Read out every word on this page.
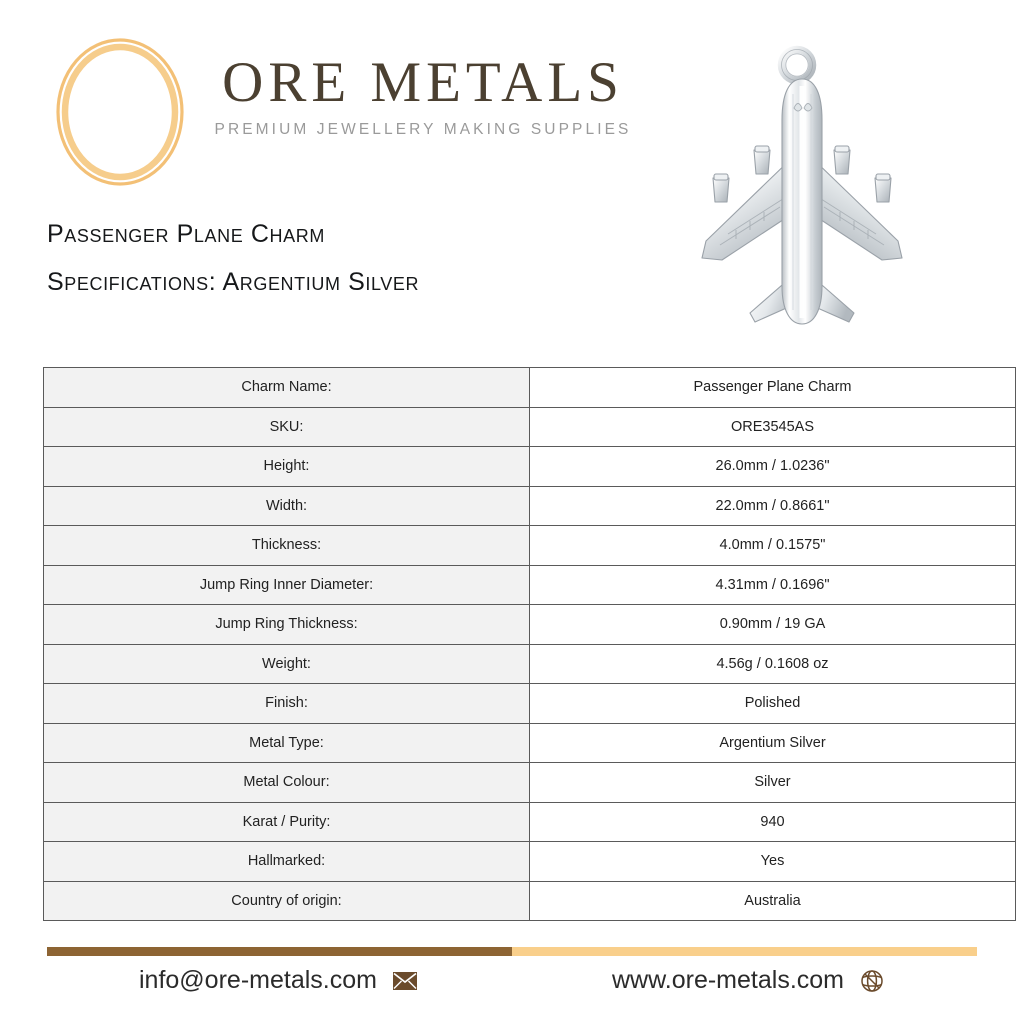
ORE METALS
PREMIUM JEWELLERY MAKING SUPPLIES
Passenger Plane Charm
Specifications: Argentium Silver
Charm Name:	Passenger Plane Charm
SKU:	ORE3545AS
Height:	26.0mm / 1.0236"
Width:	22.0mm / 0.8661"
Thickness:	4.0mm / 0.1575"
Jump Ring Inner Diameter:	4.31mm / 0.1696"
Jump Ring Thickness:	0.90mm / 19 GA
Weight:	4.56g / 0.1608 oz
Finish:	Polished
Metal Type:	Argentium Silver
Metal Colour:	Silver
Karat / Purity:	940
Hallmarked:	Yes
Country of origin:	Australia
info@ore-metals.com	www.ore-metals.com
